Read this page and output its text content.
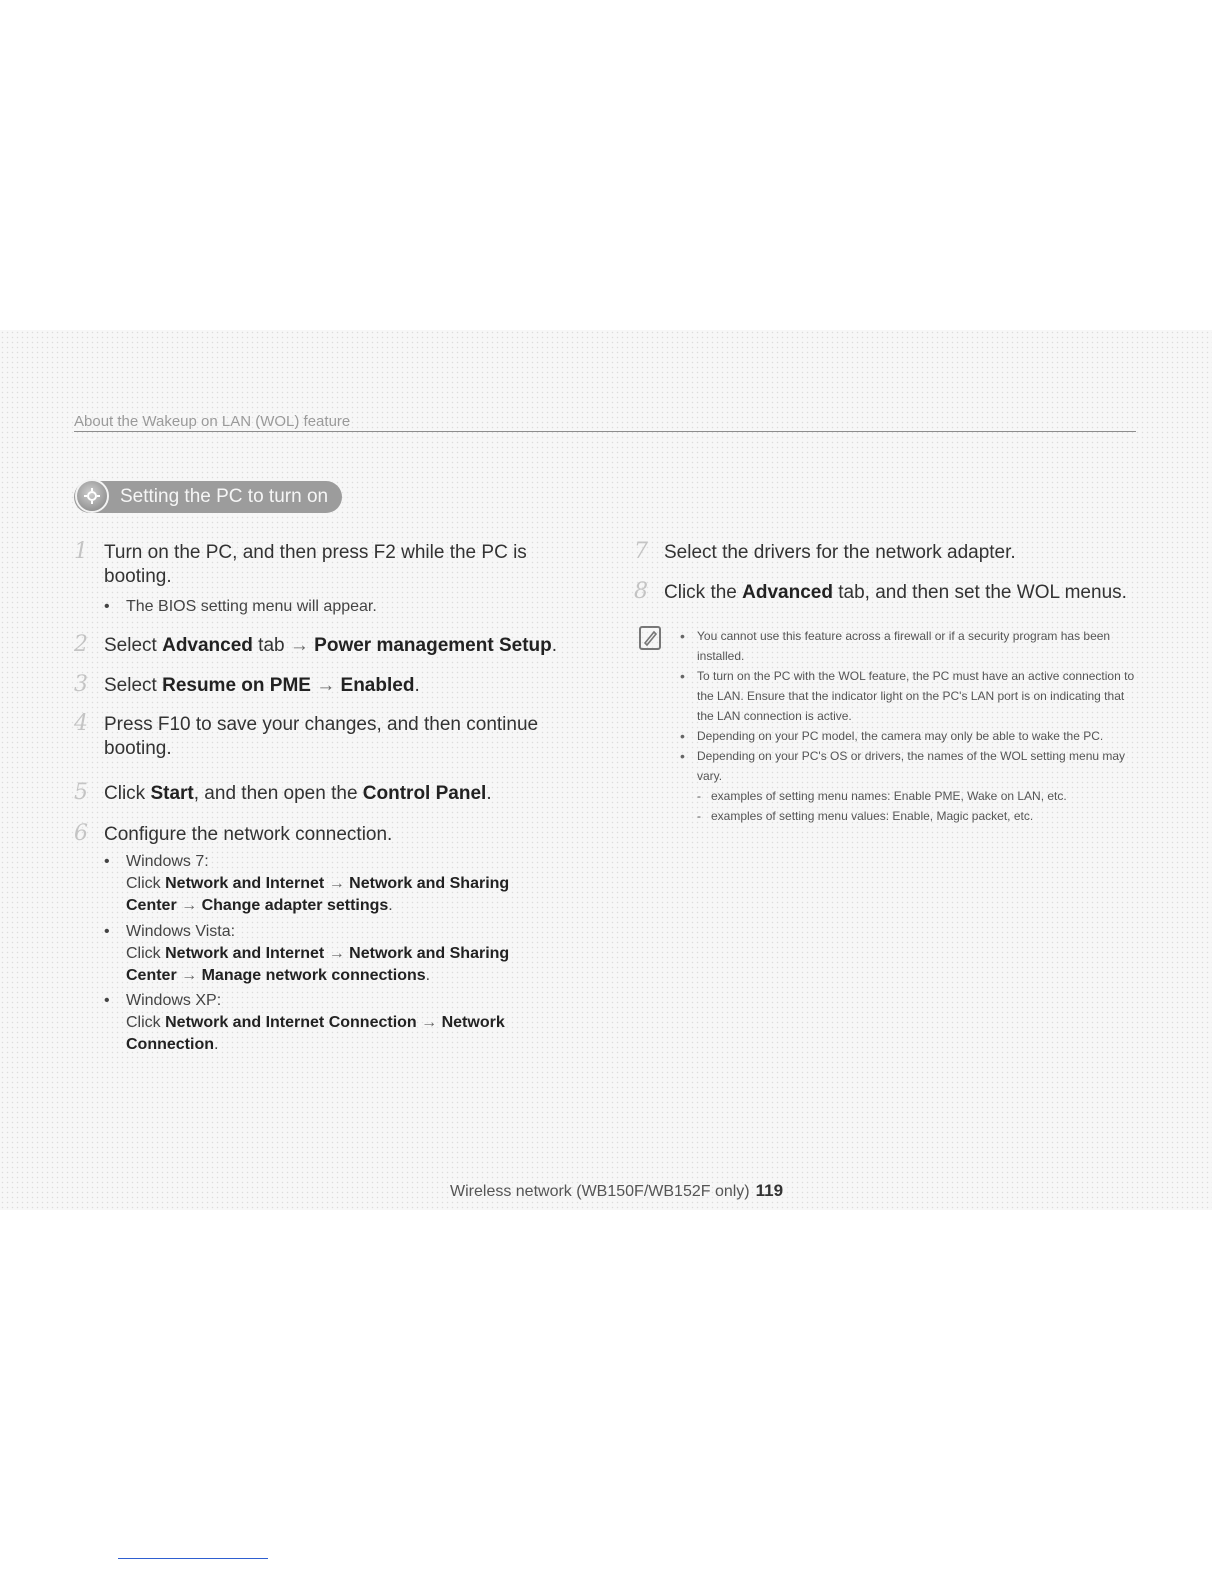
About the Wakeup on LAN (WOL) feature
Setting the PC to turn on
1 Turn on the PC, and then press F2 while the PC is booting.
• The BIOS setting menu will appear.
2 Select Advanced tab → Power management Setup.
3 Select Resume on PME → Enabled.
4 Press F10 to save your changes, and then continue booting.
5 Click Start, and then open the Control Panel.
6 Configure the network connection.
• Windows 7:
Click Network and Internet → Network and Sharing Center → Change adapter settings.
• Windows Vista:
Click Network and Internet → Network and Sharing Center → Manage network connections.
• Windows XP:
Click Network and Internet Connection → Network Connection.
7 Select the drivers for the network adapter.
8 Click the Advanced tab, and then set the WOL menus.
• You cannot use this feature across a firewall or if a security program has been installed.
• To turn on the PC with the WOL feature, the PC must have an active connection to the LAN. Ensure that the indicator light on the PC's LAN port is on indicating that the LAN connection is active.
• Depending on your PC model, the camera may only be able to wake the PC.
• Depending on your PC's OS or drivers, the names of the WOL setting menu may vary.
- examples of setting menu names: Enable PME, Wake on LAN, etc.
- examples of setting menu values: Enable, Magic packet, etc.
Wireless network (WB150F/WB152F only) 119
